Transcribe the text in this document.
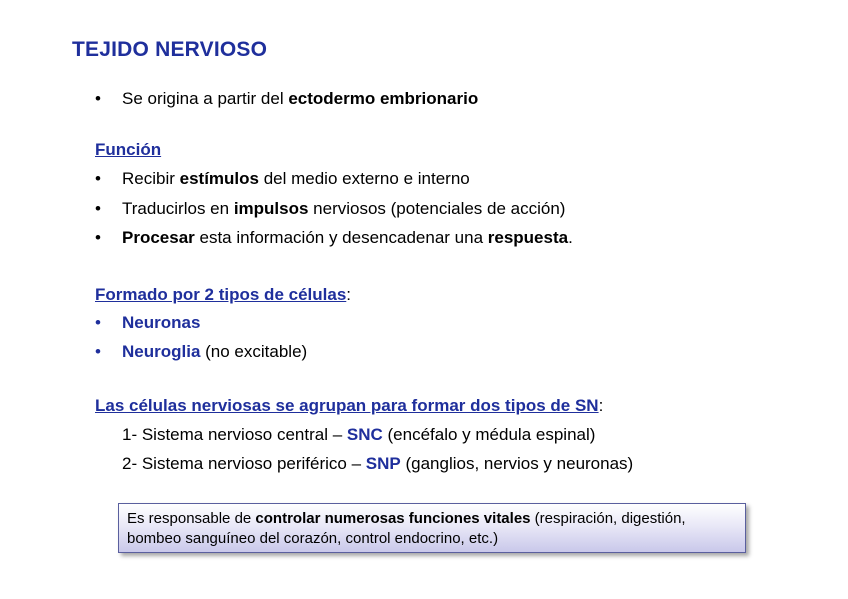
TEJIDO NERVIOSO
•	Se origina a partir del ectodermo embrionario
Función
•	Recibir estímulos del medio externo e interno
•	Traducirlos en impulsos nerviosos (potenciales de acción)
•	Procesar esta información y desencadenar una respuesta.
Formado por 2 tipos de células:
•	Neuronas
•	Neuroglia (no excitable)
Las células nerviosas se agrupan para formar dos tipos de SN:
1- Sistema nervioso central – SNC (encéfalo y médula espinal)
2- Sistema nervioso periférico – SNP (ganglios, nervios y neuronas)
Es responsable de controlar numerosas funciones vitales (respiración, digestión, bombeo sanguíneo del corazón, control endocrino, etc.)
